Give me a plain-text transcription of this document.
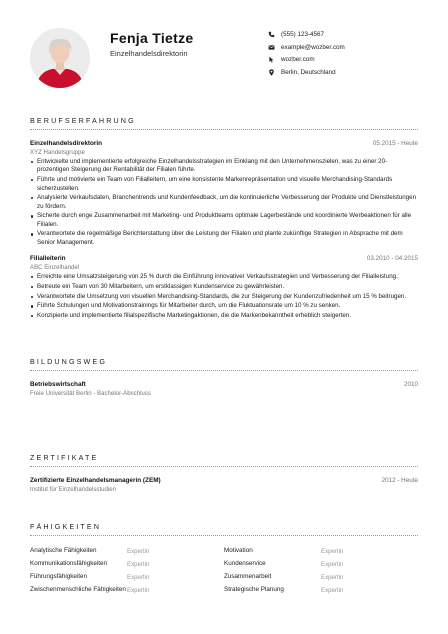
Fenja Tietze
Einzelhandelsdirektorin
(555) 123-4567
example@wozber.com
wozber.com
Berlin, Deutschland
BERUFSERFAHRUNG
Einzelhandelsdirektorin	05.2015 - Heute
XYZ Handelsgruppe
Entwickelte und implementierte erfolgreiche Einzelhandelsstrategien im Einklang mit den Unternehmenszielen, was zu einer 20-prozentigen Steigerung der Rentabilität der Filialen führte.
Führte und motivierte ein Team von Filialleitern, um eine konsistente Markenrepräsentation und visuelle Merchandising-Standards sicherzustellen.
Analysierte Verkaufsdaten, Branchentrends und Kundenfeedback, um die kontinuierliche Verbesserung der Produkte und Dienstleistungen zu fördern.
Sicherte durch enge Zusammenarbeit mit Marketing- und Produktteams optimale Lagerbestände und koordinierte Werbeaktionen für alle Filialen.
Verantwortete die regelmäßige Berichterstattung über die Leistung der Filialen und plante zukünftige Strategien in Absprache mit dem Senior Management.
Filialleiterin	03.2010 - 04.2015
ABC Einzelhandel
Erreichte eine Umsatzsteigerung von 25 % durch die Einführung innovativer Verkaufsstrategien und Verbesserung der Filialleistung.
Betreute ein Team von 30 Mitarbeitern, um erstklassigen Kundenservice zu gewährleisten.
Verantwortete die Umsetzung von visuellen Merchandising-Standards, die zur Steigerung der Kundenzufriedenheit um 15 % beitrugen.
Führte Schulungen und Motivationstrainings für Mitarbeiter durch, um die Fluktuationsrate um 10 % zu senken.
Konzipierte und implementierte filialspezifische Marketingaktionen, die die Markenbekanntheit erheblich steigerten.
BILDUNGSWEG
Betriebswirtschaft	2010
Freie Universität Berlin - Bachelor-Abschluss
ZERTIFIKATE
Zertifizierte Einzelhandelsmanagerin (ZEM)	2012 - Heute
Institut für Einzelhandelsstudien
FÄHIGKEITEN
Analytische Fähigkeiten	Expertin	Motivation	Expertin
Kommunikationsfähigkeiten	Expertin	Kundenservice	Expertin
Führungsfähigkeiten	Expertin	Zusammenarbeit	Expertin
Zwischenmenschliche Fähigkeiten Expertin	Strategische Planung	Expertin
